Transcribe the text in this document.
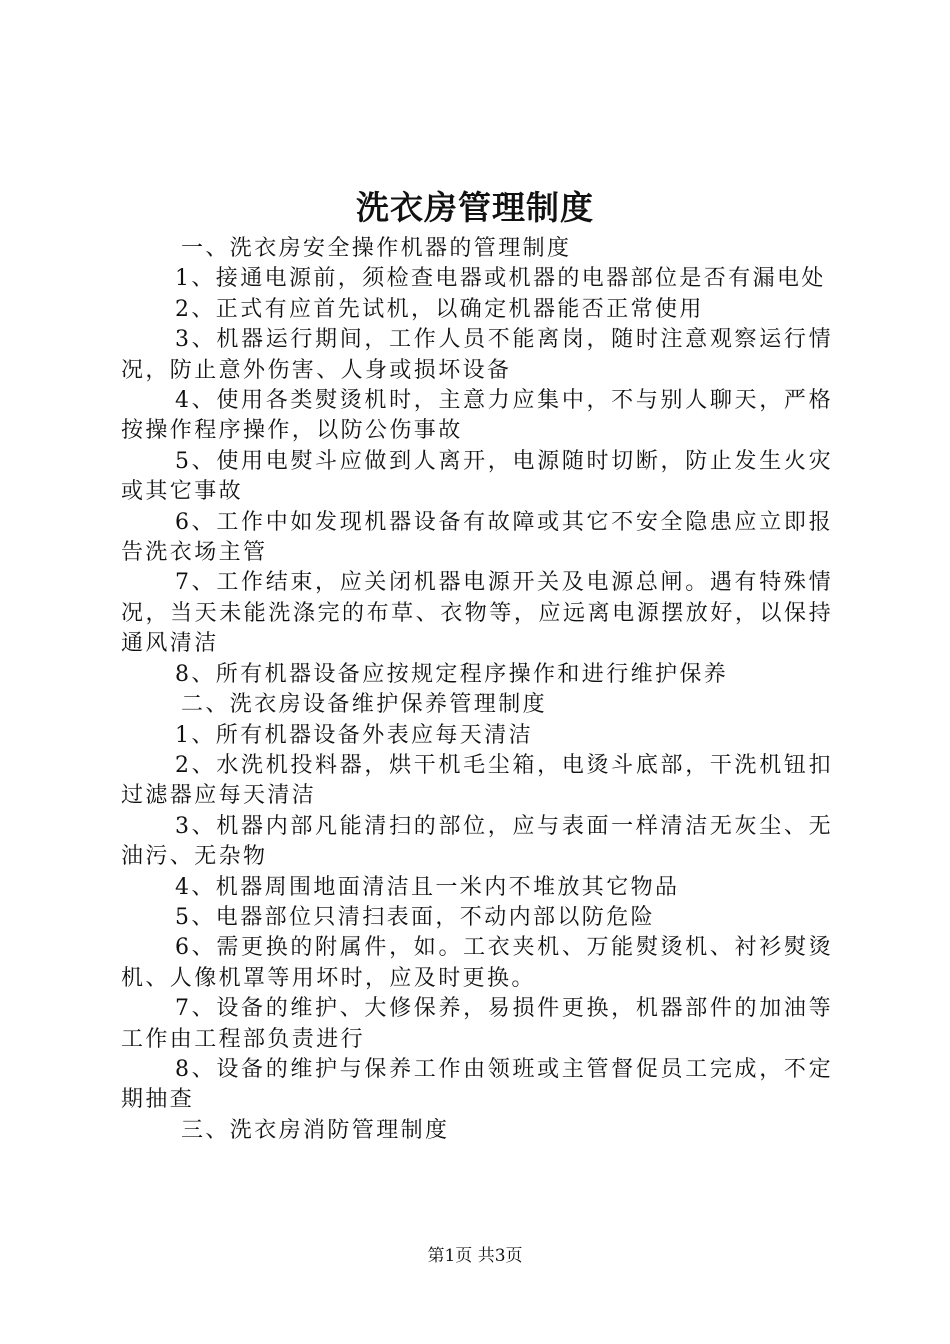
洗衣房管理制度

一、洗衣房安全操作机器的管理制度

1、接通电源前，须检查电器或机器的电器部位是否有漏电处

2、正式有应首先试机，以确定机器能否正常使用

3、机器运行期间，工作人员不能离岗，随时注意观察运行情况，防止意外伤害、人身或损坏设备

4、使用各类熨烫机时，主意力应集中，不与别人聊天，严格按操作程序操作，以防公伤事故

5、使用电熨斗应做到人离开，电源随时切断，防止发生火灾或其它事故

6、工作中如发现机器设备有故障或其它不安全隐患应立即报告洗衣场主管

7、工作结束，应关闭机器电源开关及电源总闸。遇有特殊情况，当天未能洗涤完的布草、衣物等，应远离电源摆放好，以保持通风清洁

8、所有机器设备应按规定程序操作和进行维护保养

二、洗衣房设备维护保养管理制度

1、所有机器设备外表应每天清洁

2、水洗机投料器，烘干机毛尘箱，电烫斗底部，干洗机钮扣过滤器应每天清洁

3、机器内部凡能清扫的部位，应与表面一样清洁无灰尘、无油污、无杂物

4、机器周围地面清洁且一米内不堆放其它物品

5、电器部位只清扫表面，不动内部以防危险

6、需更换的附属件，如。工衣夹机、万能熨烫机、衬衫熨烫机、人像机罩等用坏时，应及时更换。

7、设备的维护、大修保养，易损件更换，机器部件的加油等工作由工程部负责进行

8、设备的维护与保养工作由领班或主管督促员工完成，不定期抽查

三、洗衣房消防管理制度

第1页 共3页
